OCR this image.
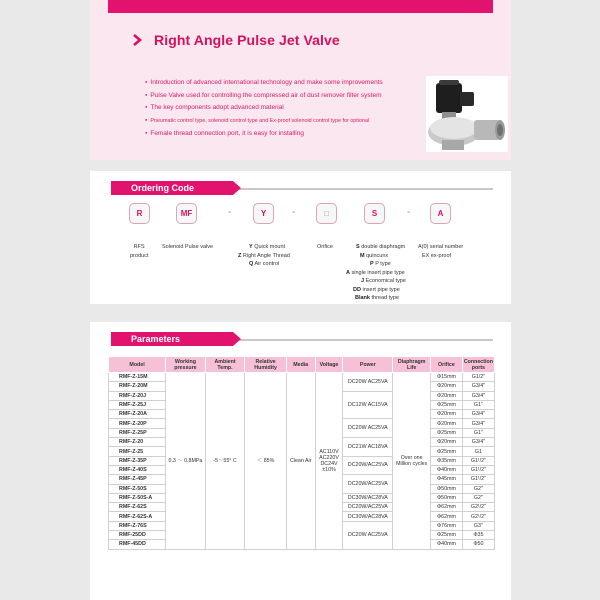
Right Angle Pulse Jet Valve
● Introduction of advanced international technology and make some improvements
● Pulse Valve used for controlling the compressed air of dust remover filter system
● The key components adopt advanced material
● Pneumatic control type, solenoid control type and Ex-proof solenoid control type for optional
● Female thread connection port, it is easy for installing
Ordering Code
R	MF	-	Y	-	□	S	-	A
RFS
product
Solenoid Pulse valve	Y Quick mount
Z Right Angle Thread
Q Air control
Orifice	S double diaphragm
M quincunx
P P type
A single insert pipe type
J Economical type
DD insert pipe type
Blank thread type
A(0) serial number
EX ex-proof
Parameters
Model	Working pressure	Ambient Temp.	Relative Humidity	Media	Voltage	Power	Diaphragm Life	Orifice	Connection ports
RMF-Z-15M	0.3 ～ 0.8MPa	-5～55° C	＜ 85%	Clean Air	AC110V AC220V DC24V ±10%	DC20W AC25VA	Over one Million cycles	Φ15mm	G1/2"
RMF-Z-20M								Φ20mm	G3/4"
RMF-Z-20J						DC12W AC15VA		Φ20mm	G3/4"
RMF-Z-25J								Φ25mm	G1"
RMF-Z-20A								Φ20mm	G3/4"
RMF-Z-20P						DC20W AC25VA		Φ20mm	G3/4"
RMF-Z-25P								Φ25mm	G1"
RMF-Z-20						DC21W AC18VA		Φ20mm	G3/4"
RMF-Z-25								Φ25mm	G1
RMF-Z-35P						DC20W/AC25VA		Φ35mm	G1¹/2"
RMF-Z-40S								Φ40mm	G1¹/2"
RMF-Z-45P						DC20W/AC25VA		Φ45mm	G1¹/2"
RMF-Z-50S								Φ50mm	G2"
RMF-Z-50S-A						DC30W/AC28VA		Φ50mm	G2"
RMF-Z-62S						DC20W/AC25VA		Φ62mm	G2¹/2"
RMF-Z-62S-A						DC30W/AC28VA		Φ62mm	G2¹/2"
RMF-Z-76S						DC20W AC25VA		Φ76mm	G3"
RMF-25DD								Φ25mm	Φ35
RMF-45DD								Φ40mm	Φ50
